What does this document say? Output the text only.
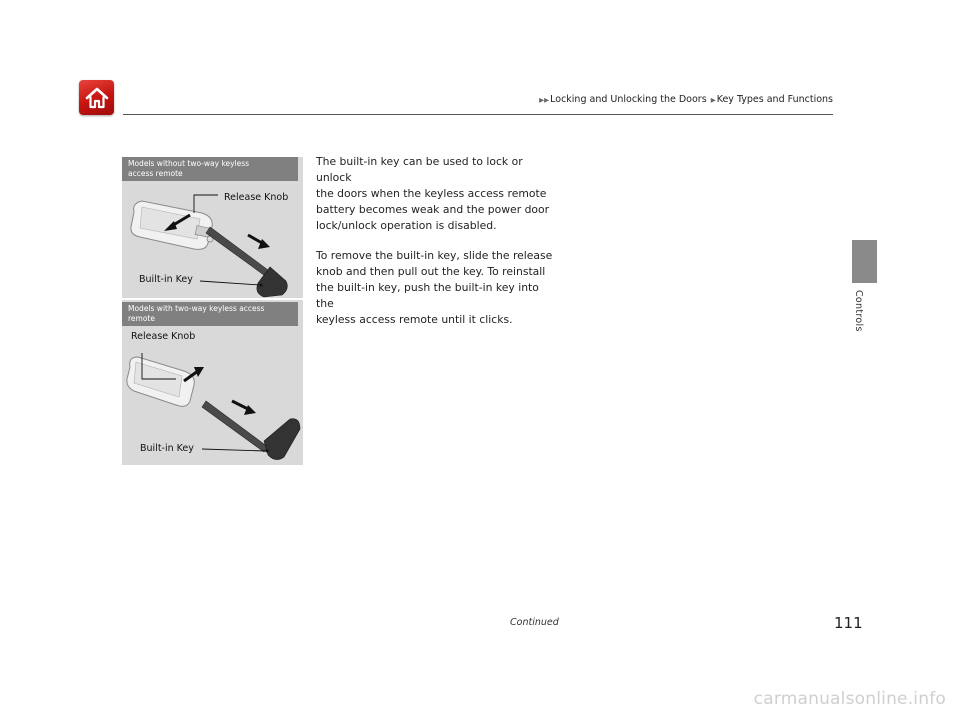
▶▶Locking and Unlocking the Doors ▶Key Types and Functions
Models without two-way keyless
access remote
Release Knob
Built-in Key
Models with two-way keyless access
remote
Release Knob
Built-in Key

The built-in key can be used to lock or unlock
the doors when the keyless access remote
battery becomes weak and the power door
lock/unlock operation is disabled.

To remove the built-in key, slide the release
knob and then pull out the key. To reinstall
the built-in key, push the built-in key into the
keyless access remote until it clicks.	Controls
Continued	111
carmanualsonline.info
